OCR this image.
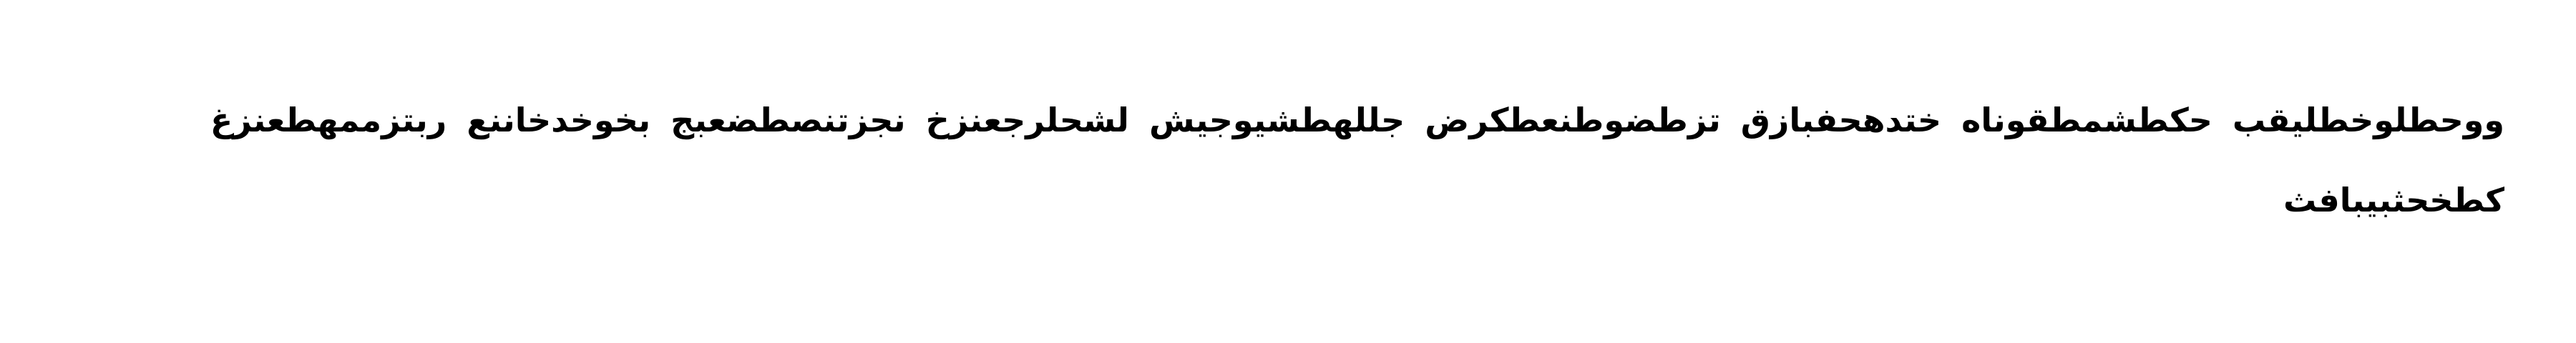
ووحطلوخطليقب حكطشمطقوناه ختدهحفبازق تزطضوطنعطكرض جللهطشيوجيش لشحلرجعنزخ نجزتنصطضعبج بخوخدخاننع ربتزممهطعنزغ
كطخحثبيبافث
